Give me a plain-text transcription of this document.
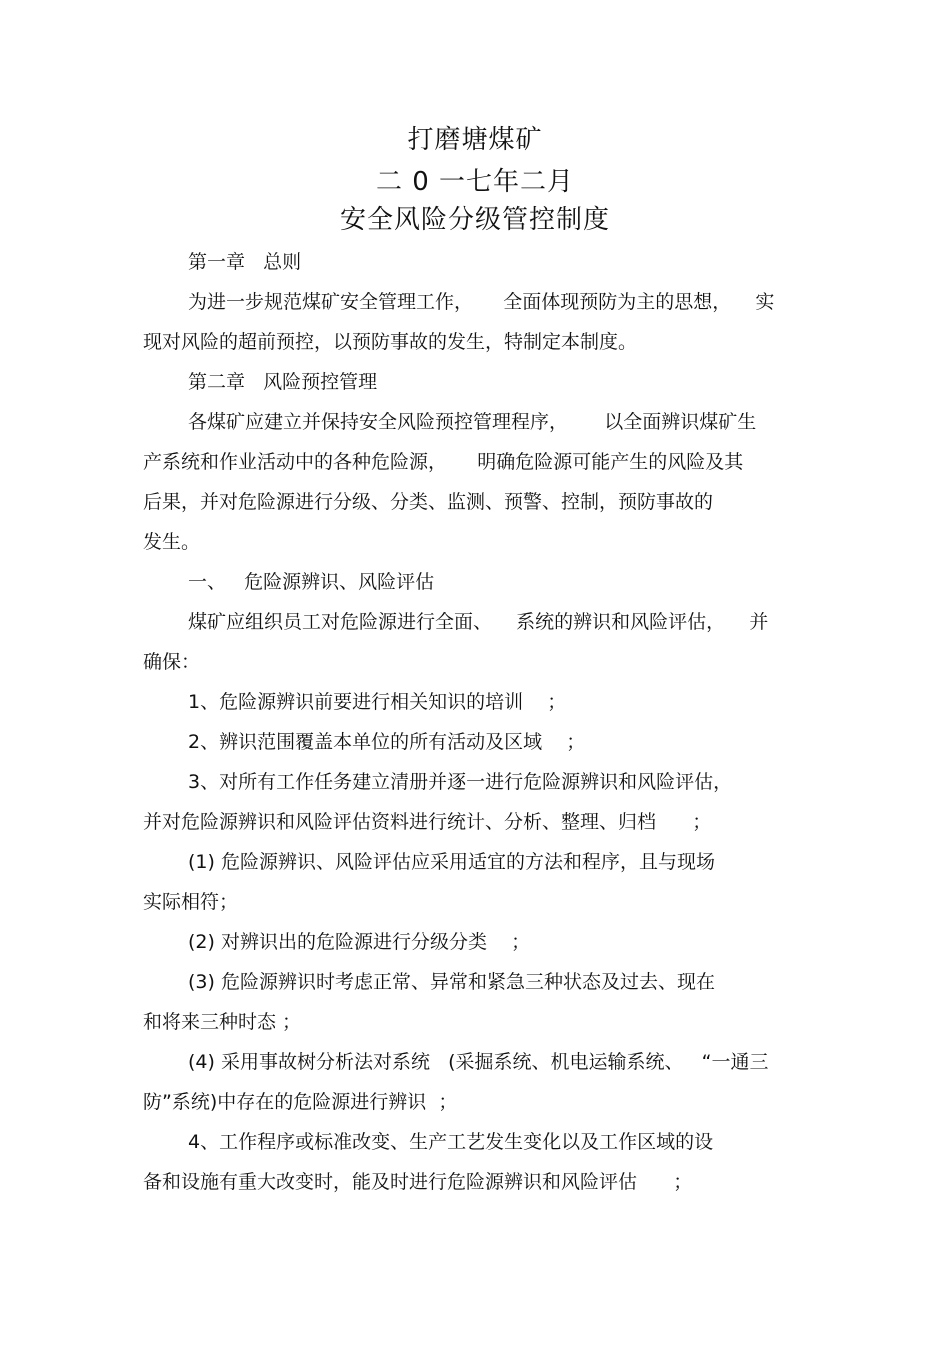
打磨塘煤矿
二 0 一七年二月
安全风险分级管控制度
第一章   总则
为进一步规范煤矿安全管理工作，     全面体现预防为主的思想，    实
现对风险的超前预控，以预防事故的发生，特制定本制度。
第二章   风险预控管理
各煤矿应建立并保持安全风险预控管理程序，      以全面辨识煤矿生
产系统和作业活动中的各种危险源，     明确危险源可能产生的风险及其
后果，并对危险源进行分级、分类、监测、预警、控制，预防事故的
发生。
一、   危险源辨识、风险评估
煤矿应组织员工对危险源进行全面、    系统的辨识和风险评估，    并
确保：
1、危险源辨识前要进行相关知识的培训    ；
2、辨识范围覆盖本单位的所有活动及区域    ；
3、对所有工作任务建立清册并逐一进行危险源辨识和风险评估，
并对危险源辨识和风险评估资料进行统计、分析、整理、归档      ；
(1) 危险源辨识、风险评估应采用适宜的方法和程序，且与现场
实际相符；
(2) 对辨识出的危险源进行分级分类    ；
(3) 危险源辨识时考虑正常、异常和紧急三种状态及过去、现在
和将来三种时态 ；
(4) 采用事故树分析法对系统   (采掘系统、机电运输系统、   “一通三
防”系统)中存在的危险源进行辨识  ；
4、工作程序或标准改变、生产工艺发生变化以及工作区域的设
备和设施有重大改变时，能及时进行危险源辨识和风险评估      ；
